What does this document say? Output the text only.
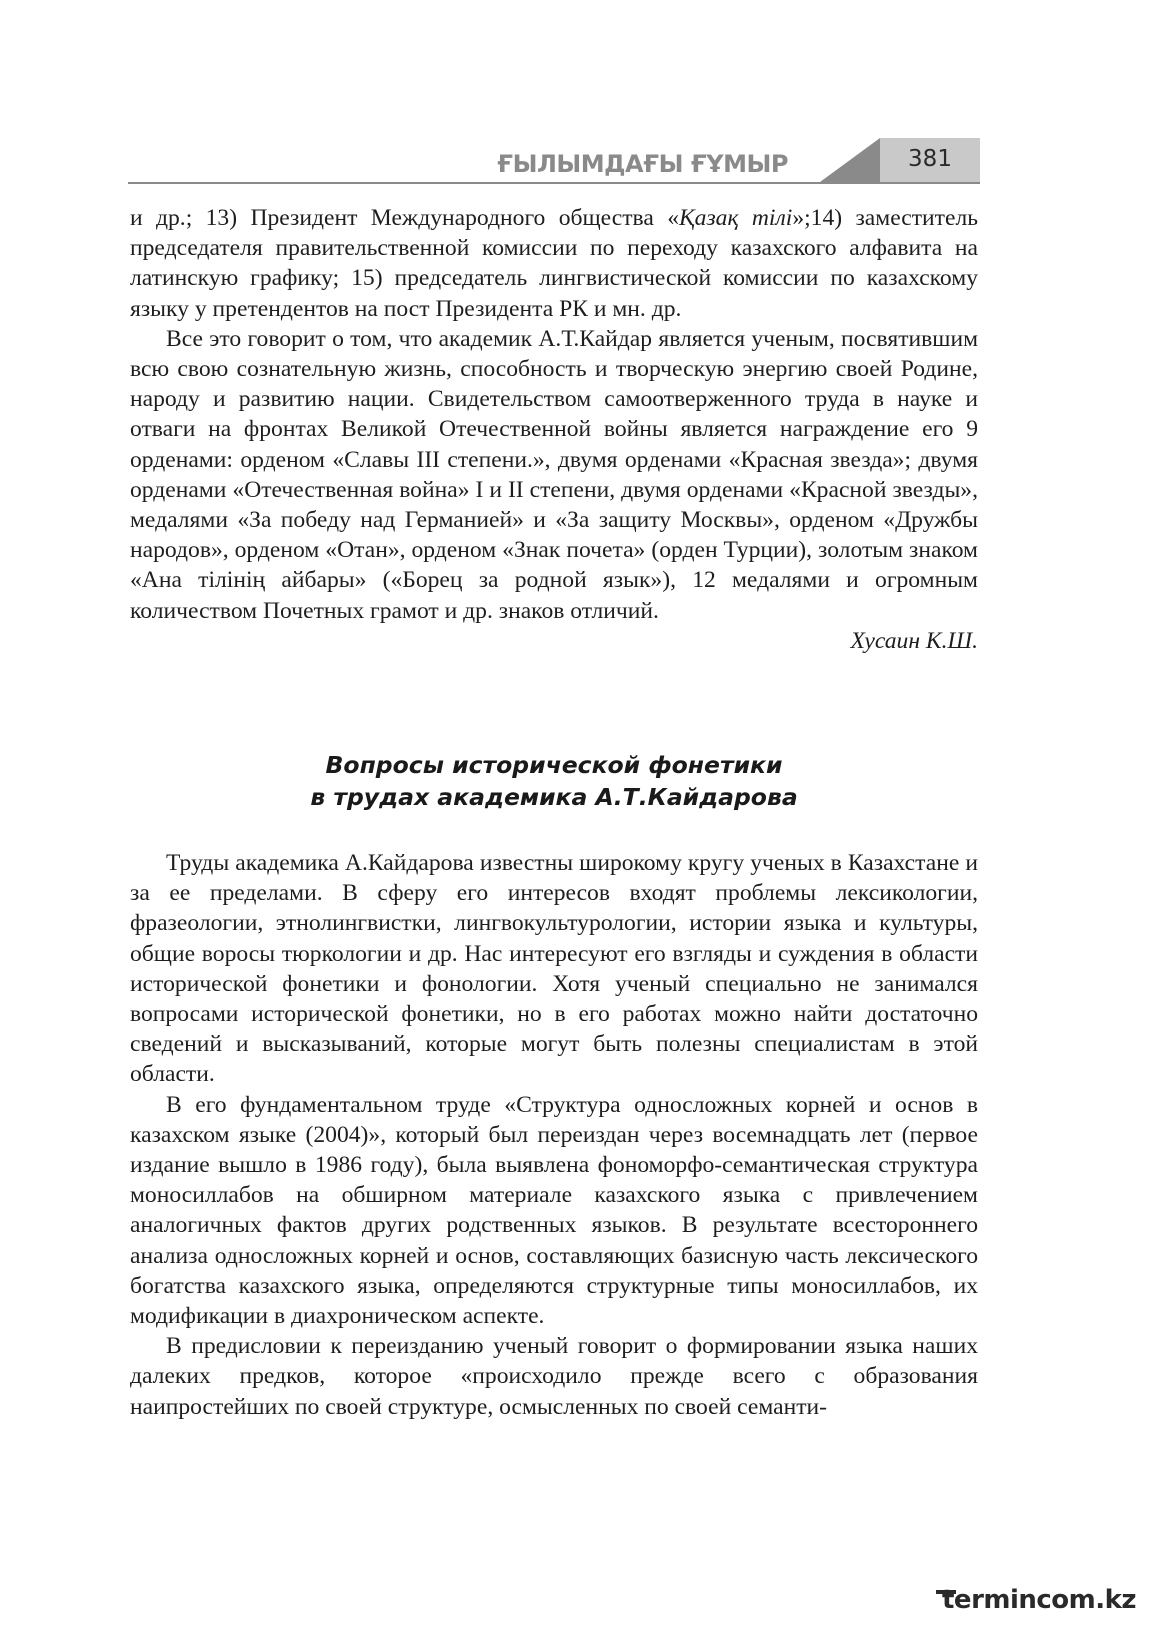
ҒЫЛЫМДАҒЫ ҒҰМЫР	381

и др.; 13) Президент Международного общества «Қазақ тілі»;14) заместитель председателя правительственной комиссии по переходу казахского алфавита на латинскую графику; 15) председатель лингвистической комиссии по казахскому языку у претендентов на пост Президента РК и мн. др.

Все это говорит о том, что академик А.Т.Кайдар является ученым, посвятившим всю свою сознательную жизнь, способность и творческую энергию своей Родине, народу и развитию нации. Свидетельством самоотверженного труда в науке и отваги на фронтах Великой Отечественной войны является награждение его 9 орденами: орденом «Славы III степени.», двумя орденами «Красная звезда»; двумя орденами «Отечественная война» I и II степени, двумя орденами «Красной звезды», медалями «За победу над Германией» и «За защиту Москвы», орденом «Дружбы народов», орденом «Отан», орденом «Знак почета» (орден Турции), золотым знаком «Ана тілінің айбары» («Борец за родной язык»), 12 медалями и огромным количеством Почетных грамот и др. знаков отличий.

Хусаин К.Ш.

Вопросы исторической фонетики
в трудах академика А.Т.Кайдарова

Труды академика А.Кайдарова известны широкому кругу ученых в Казахстане и за ее пределами. В сферу его интересов входят проблемы лексикологии, фразеологии, этнолингвистки, лингвокультурологии, истории языка и культуры, общие воросы тюркологии и др. Нас интересуют его взгляды и суждения в области исторической фонетики и фонологии. Хотя ученый специально не занимался вопросами исторической фонетики, но в его работах можно найти достаточно сведений и высказываний, которые могут быть полезны специалистам в этой области.

В его фундаментальном труде «Структура односложных корней и основ в казахском языке (2004)», который был переиздан через восемнадцать лет (первое издание вышло в 1986 году), была выявлена фономорфо-семантическая структура моносиллабов на обширном материале казахского языка с привлечением аналогичных фактов других родственных языков. В результате всестороннего анализа односложных корней и основ, составляющих базисную часть лексического богатства казахского языка, определяются структурные типы моносиллабов, их модификации в диахроническом аспекте.

В предисловии к переизданию ученый говорит о формировании языка наших далеких предков, которое «происходило прежде всего с образования наипростейших по своей структуре, осмысленных по своей семанти-

termincom.kz
